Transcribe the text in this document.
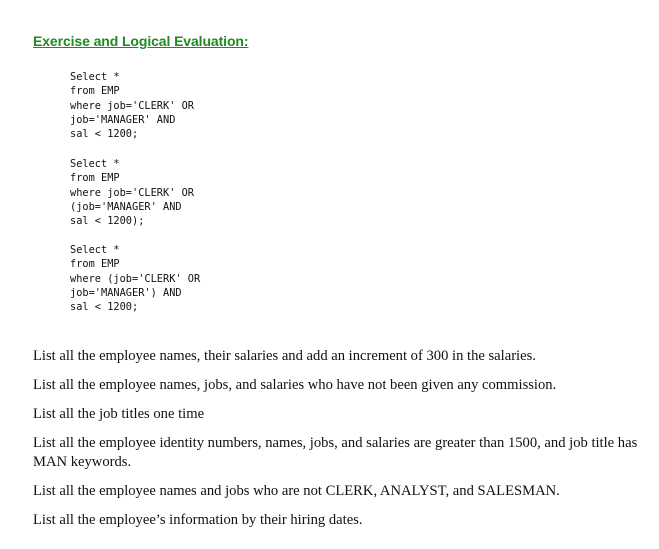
Exercise and Logical Evaluation:
Select *
from EMP
where job='CLERK' OR
job='MANAGER' AND
sal < 1200;
Select *
from EMP
where job='CLERK' OR
(job='MANAGER' AND
sal < 1200);
Select *
from EMP
where (job='CLERK' OR
job='MANAGER') AND
sal < 1200;
List all the employee names, their salaries and add an increment of 300 in the salaries.
List all the employee names, jobs, and salaries who have not been given any commission.
List all the job titles one time
List all the employee identity numbers, names, jobs, and salaries are greater than 1500, and job title has MAN keywords.
List all the employee names and jobs who are not CLERK, ANALYST, and SALESMAN.
List all the employee’s information by their hiring dates.
